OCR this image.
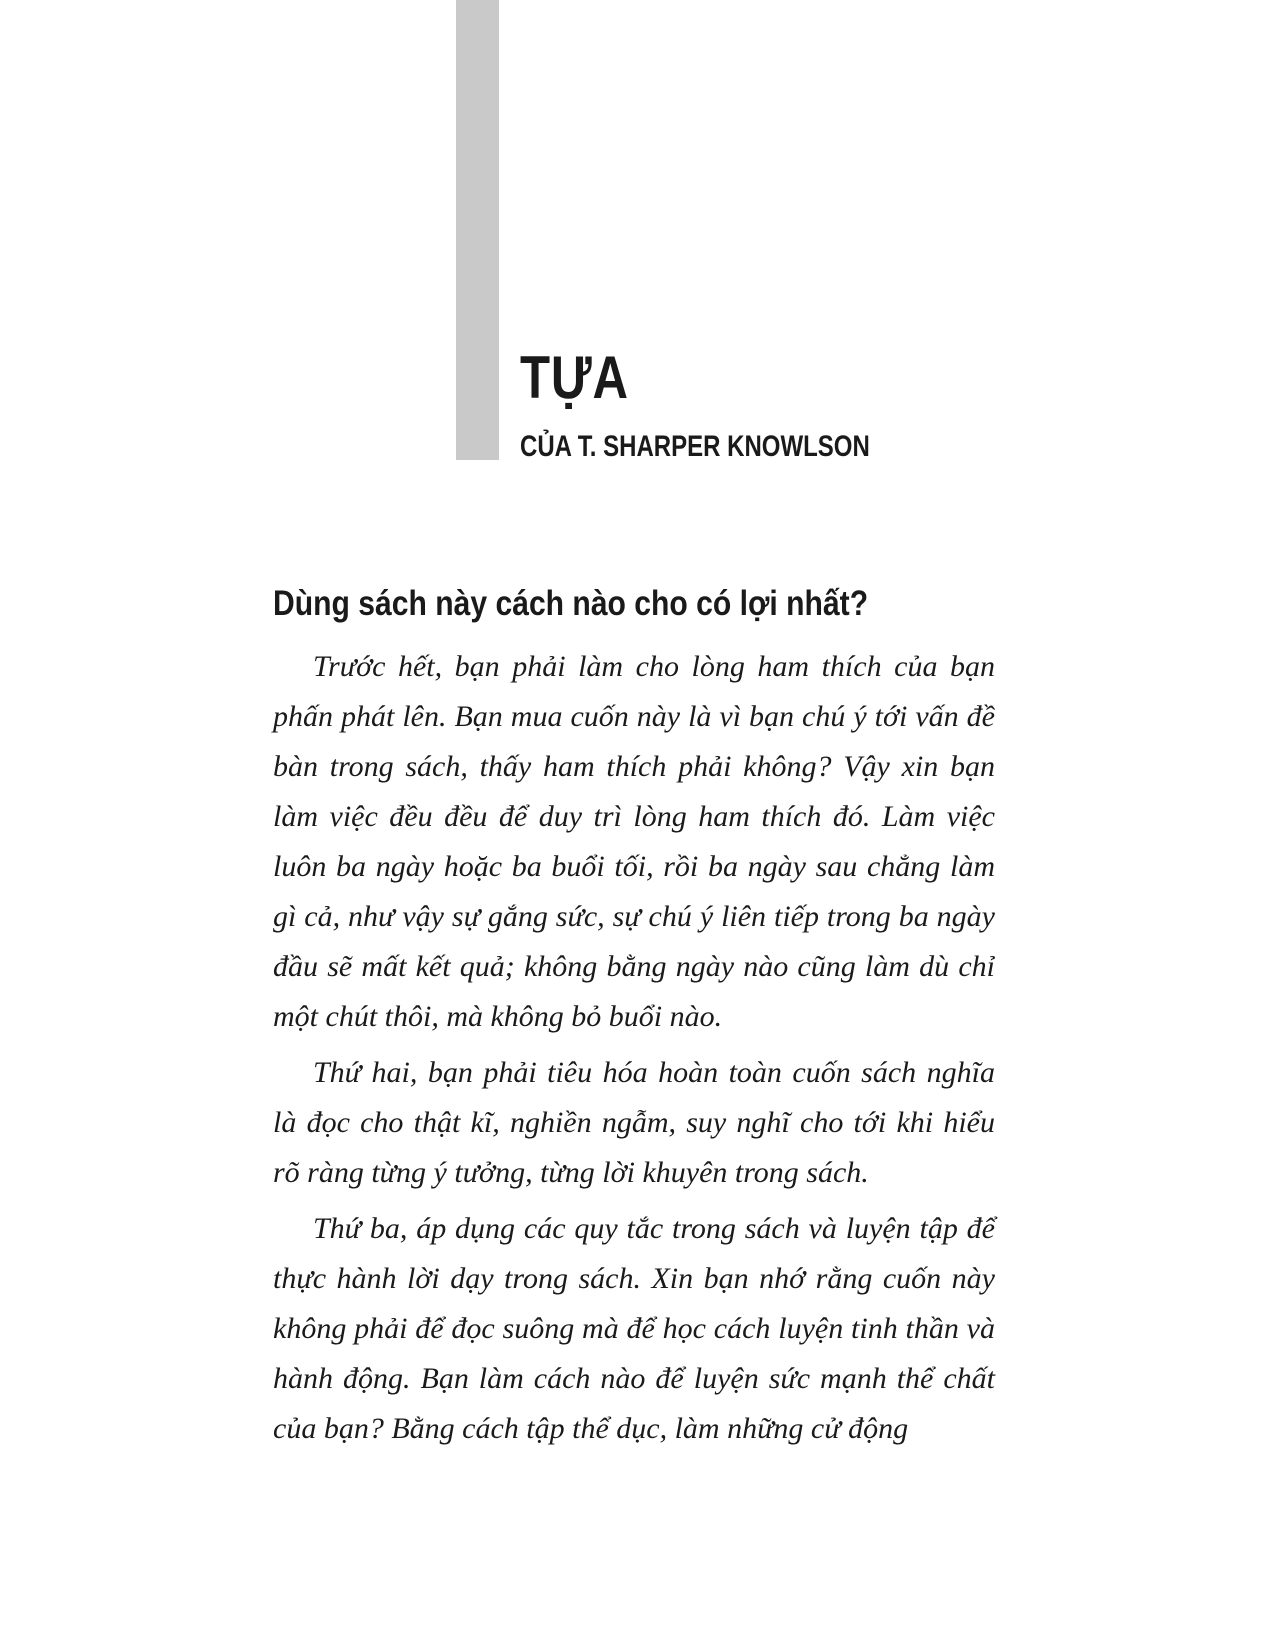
TỰA
CỦA T. SHARPER KNOWLSON
Dùng sách này cách nào cho có lợi nhất?

Trước hết, bạn phải làm cho lòng ham thích của bạn phấn phát lên. Bạn mua cuốn này là vì bạn chú ý tới vấn đề bàn trong sách, thấy ham thích phải không? Vậy xin bạn làm việc đều đều để duy trì lòng ham thích đó. Làm việc luôn ba ngày hoặc ba buổi tối, rồi ba ngày sau chẳng làm gì cả, như vậy sự gắng sức, sự chú ý liên tiếp trong ba ngày đầu sẽ mất kết quả; không bằng ngày nào cũng làm dù chỉ một chút thôi, mà không bỏ buổi nào.

Thứ hai, bạn phải tiêu hóa hoàn toàn cuốn sách nghĩa là đọc cho thật kĩ, nghiền ngẫm, suy nghĩ cho tới khi hiểu rõ ràng từng ý tưởng, từng lời khuyên trong sách.

Thứ ba, áp dụng các quy tắc trong sách và luyện tập để thực hành lời dạy trong sách. Xin bạn nhớ rằng cuốn này không phải để đọc suông mà để học cách luyện tinh thần và hành động. Bạn làm cách nào để luyện sức mạnh thể chất của bạn? Bằng cách tập thể dục, làm những cử động
